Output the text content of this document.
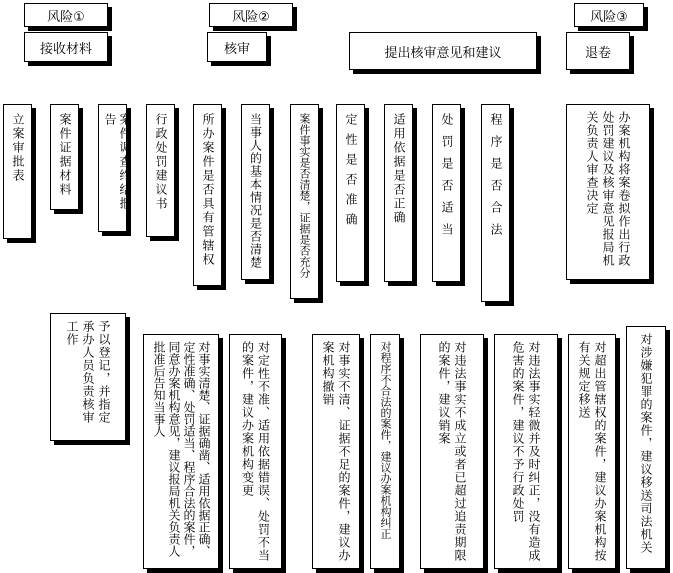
风险①	风险②	风险③
接收材料	核审	提出核审意见和建议	退卷
立案审批表	案件证据材料	案件调查终结报告	行政处罚建议书	所办案件是否具有管辖权	当事人的基本情况是否清楚	案件事实是否清楚，证据是否充分	定性是否准确	适用依据是否正确	处罚是否适当	程序是否合法	办案机构将案卷拟作出行政处罚建议及核审意见报局机关负责人审查决定
予以登记，并指定承办人员负责核审工作
对事实清楚、证据确凿、适用依据正确、定性准确、处罚适当、程序合法的案件，同意办案机构意见，建议报局机关负责人批准后告知当事人	对定性不准、适用依据错误、处罚不当的案件，建议办案机构变更	对事实不清、证据不足的案件，建议办案机构撤销	对程序不合法的案件，建议办案机构纠正	对违法事实不成立或者已超过追责期限的案件，建议销案	对违法事实轻微并及时纠正，没有造成危害的案件，建议不予行政处罚	对超出管辖权的案件，建议办案机构按有关规定移送	对涉嫌犯罪的案件，建议移送司法机关
